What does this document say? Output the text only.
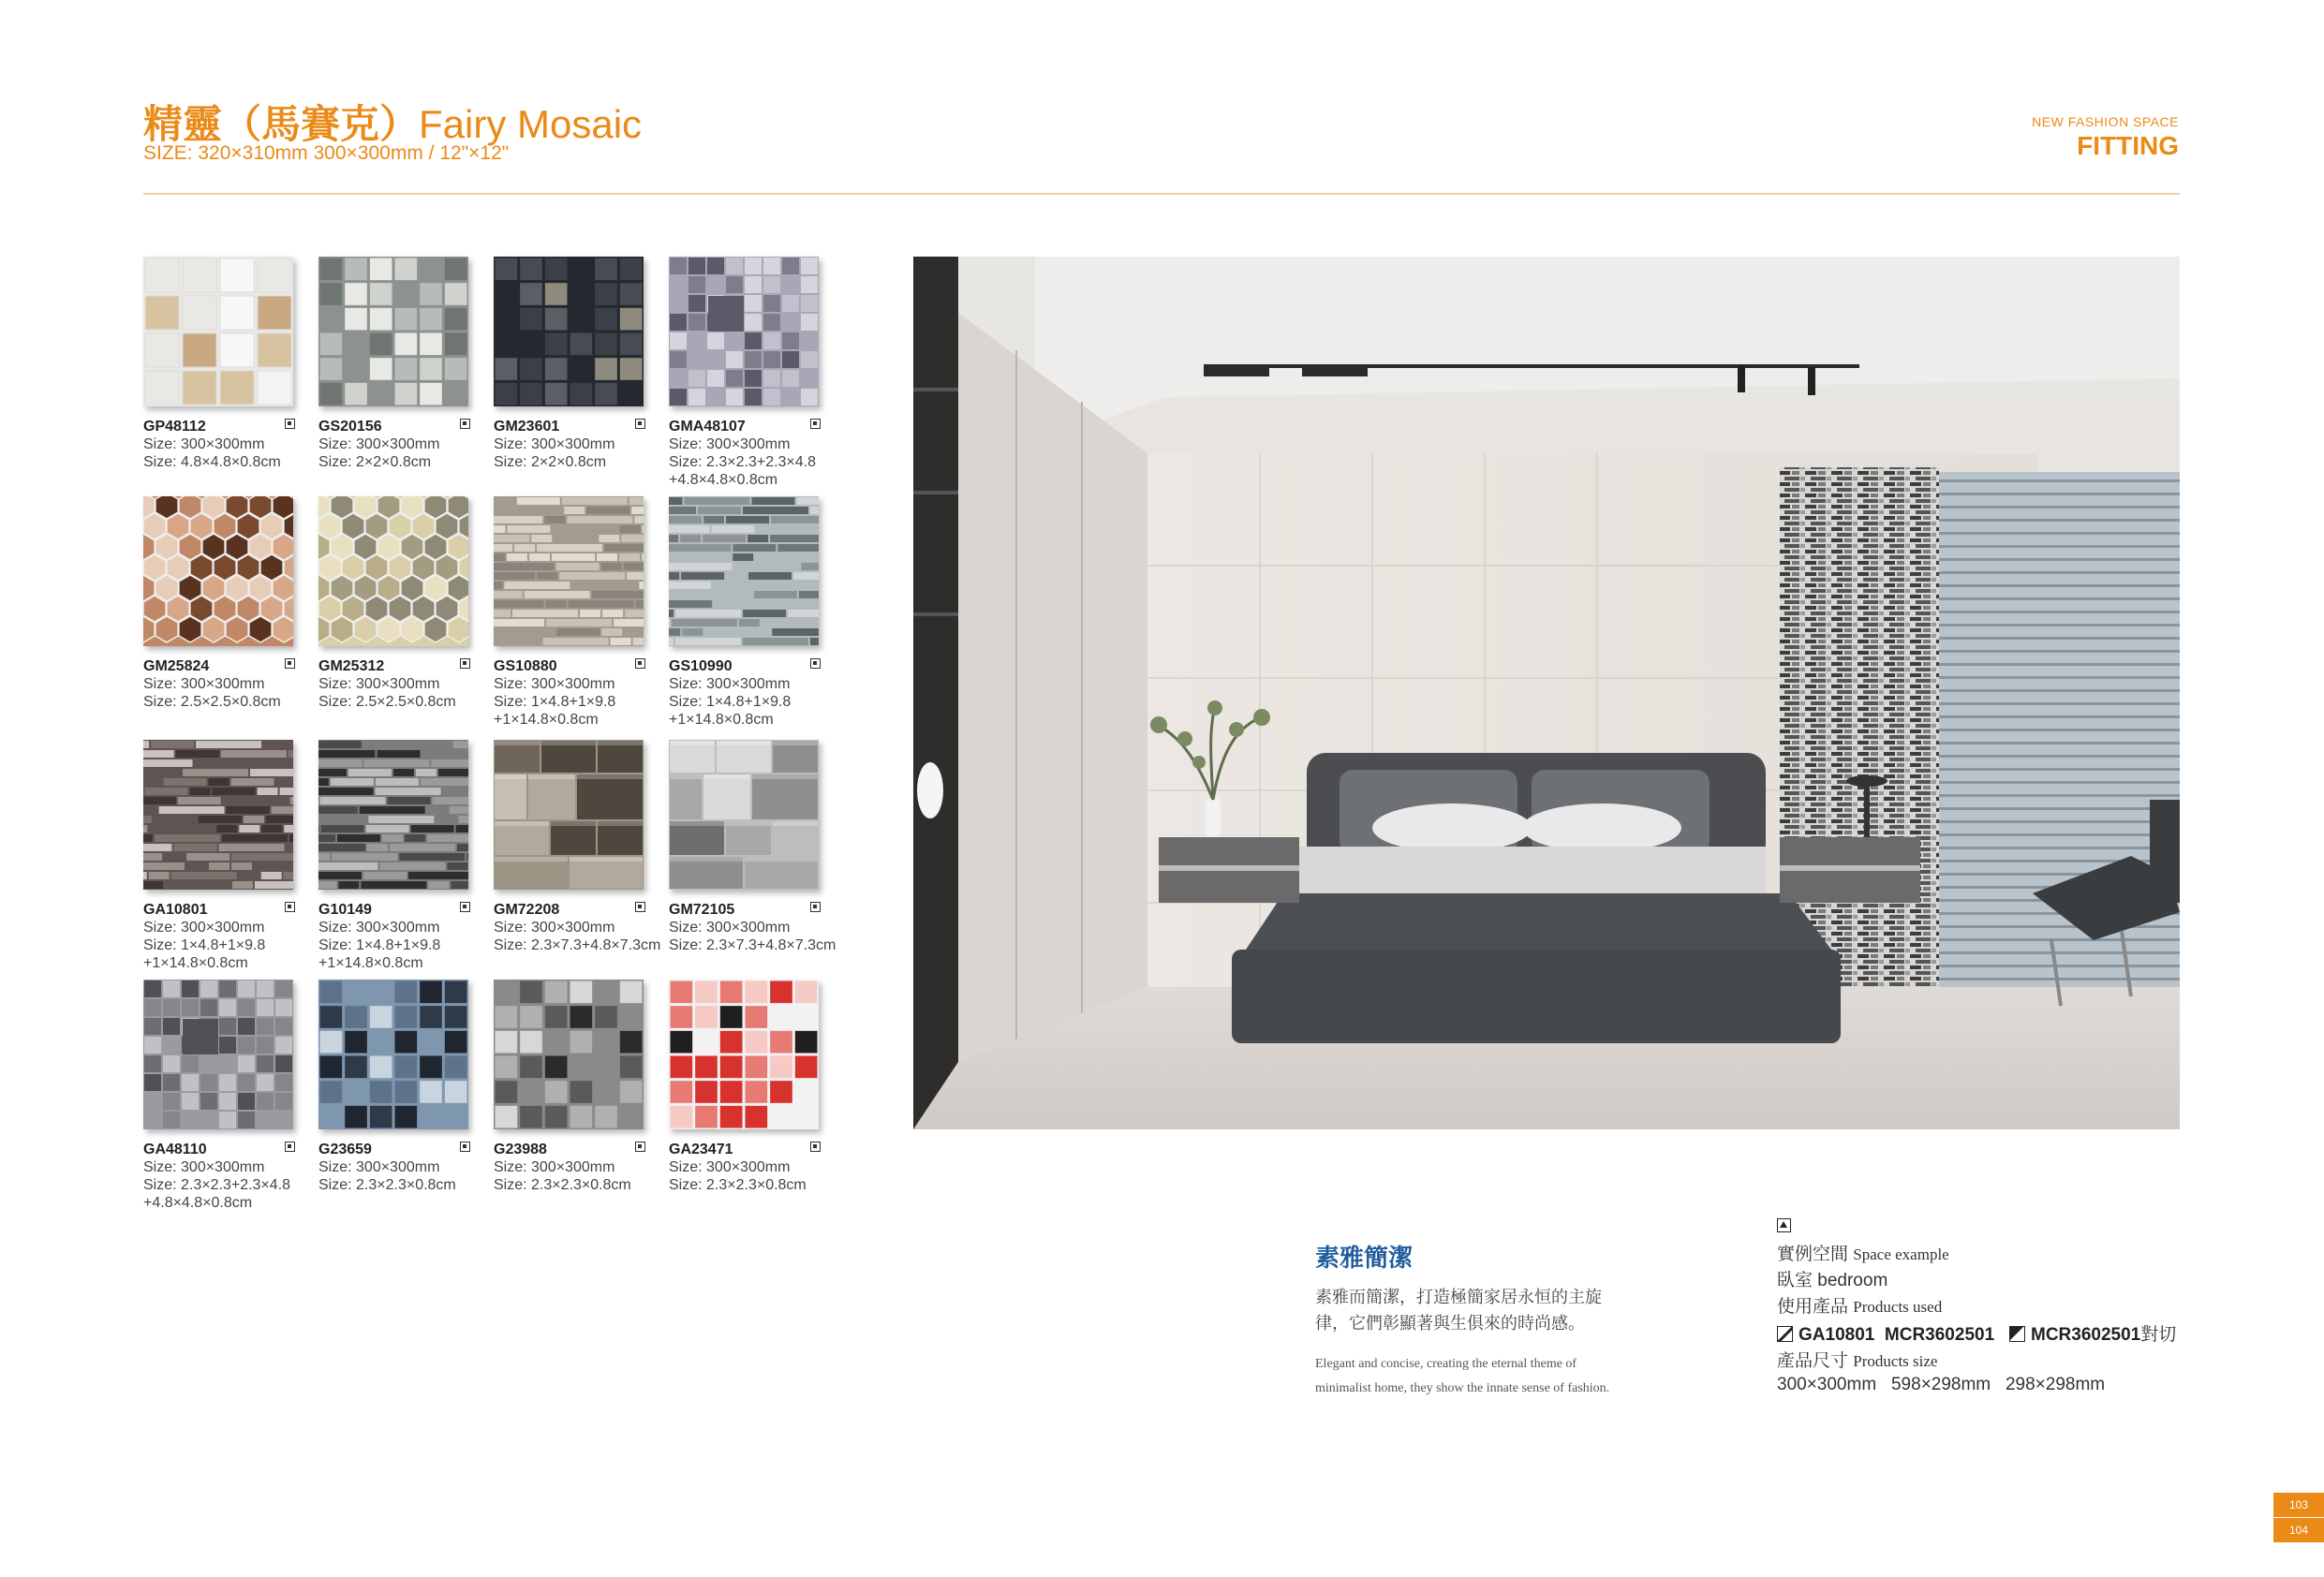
精靈（馬賽克）Fairy Mosaic
SIZE: 320×310mm 300×300mm / 12"×12"
NEW FASHION SPACE
FITTING
GP48112
Size: 300×300mm
Size: 4.8×4.8×0.8cm
GS20156
Size: 300×300mm
Size: 2×2×0.8cm
GM23601
Size: 300×300mm
Size: 2×2×0.8cm
GMA48107
Size: 300×300mm
Size: 2.3×2.3+2.3×4.8
+4.8×4.8×0.8cm
GM25824
Size: 300×300mm
Size: 2.5×2.5×0.8cm
GM25312
Size: 300×300mm
Size: 2.5×2.5×0.8cm
GS10880
Size: 300×300mm
Size: 1×4.8+1×9.8
+1×14.8×0.8cm
GS10990
Size: 300×300mm
Size: 1×4.8+1×9.8
+1×14.8×0.8cm
GA10801
Size: 300×300mm
Size: 1×4.8+1×9.8
+1×14.8×0.8cm
G10149
Size: 300×300mm
Size: 1×4.8+1×9.8
+1×14.8×0.8cm
GM72208
Size: 300×300mm
Size: 2.3×7.3+4.8×7.3cm
GM72105
Size: 300×300mm
Size: 2.3×7.3+4.8×7.3cm
GA48110
Size: 300×300mm
Size: 2.3×2.3+2.3×4.8
+4.8×4.8×0.8cm
G23659
Size: 300×300mm
Size: 2.3×2.3×0.8cm
G23988
Size: 300×300mm
Size: 2.3×2.3×0.8cm
GA23471
Size: 300×300mm
Size: 2.3×2.3×0.8cm
素雅簡潔
素雅而簡潔，打造極簡家居永恒的主旋律，它們彰顯著與生俱來的時尚感。
Elegant and concise, creating the eternal theme of minimalist home, they show the innate sense of fashion.
實例空間 Space example
臥室 bedroom
使用產品 Products used
GA10801 MCR3602501 MCR3602501對切
產品尺寸 Products size
300×300mm   598×298mm   298×298mm
103
104
